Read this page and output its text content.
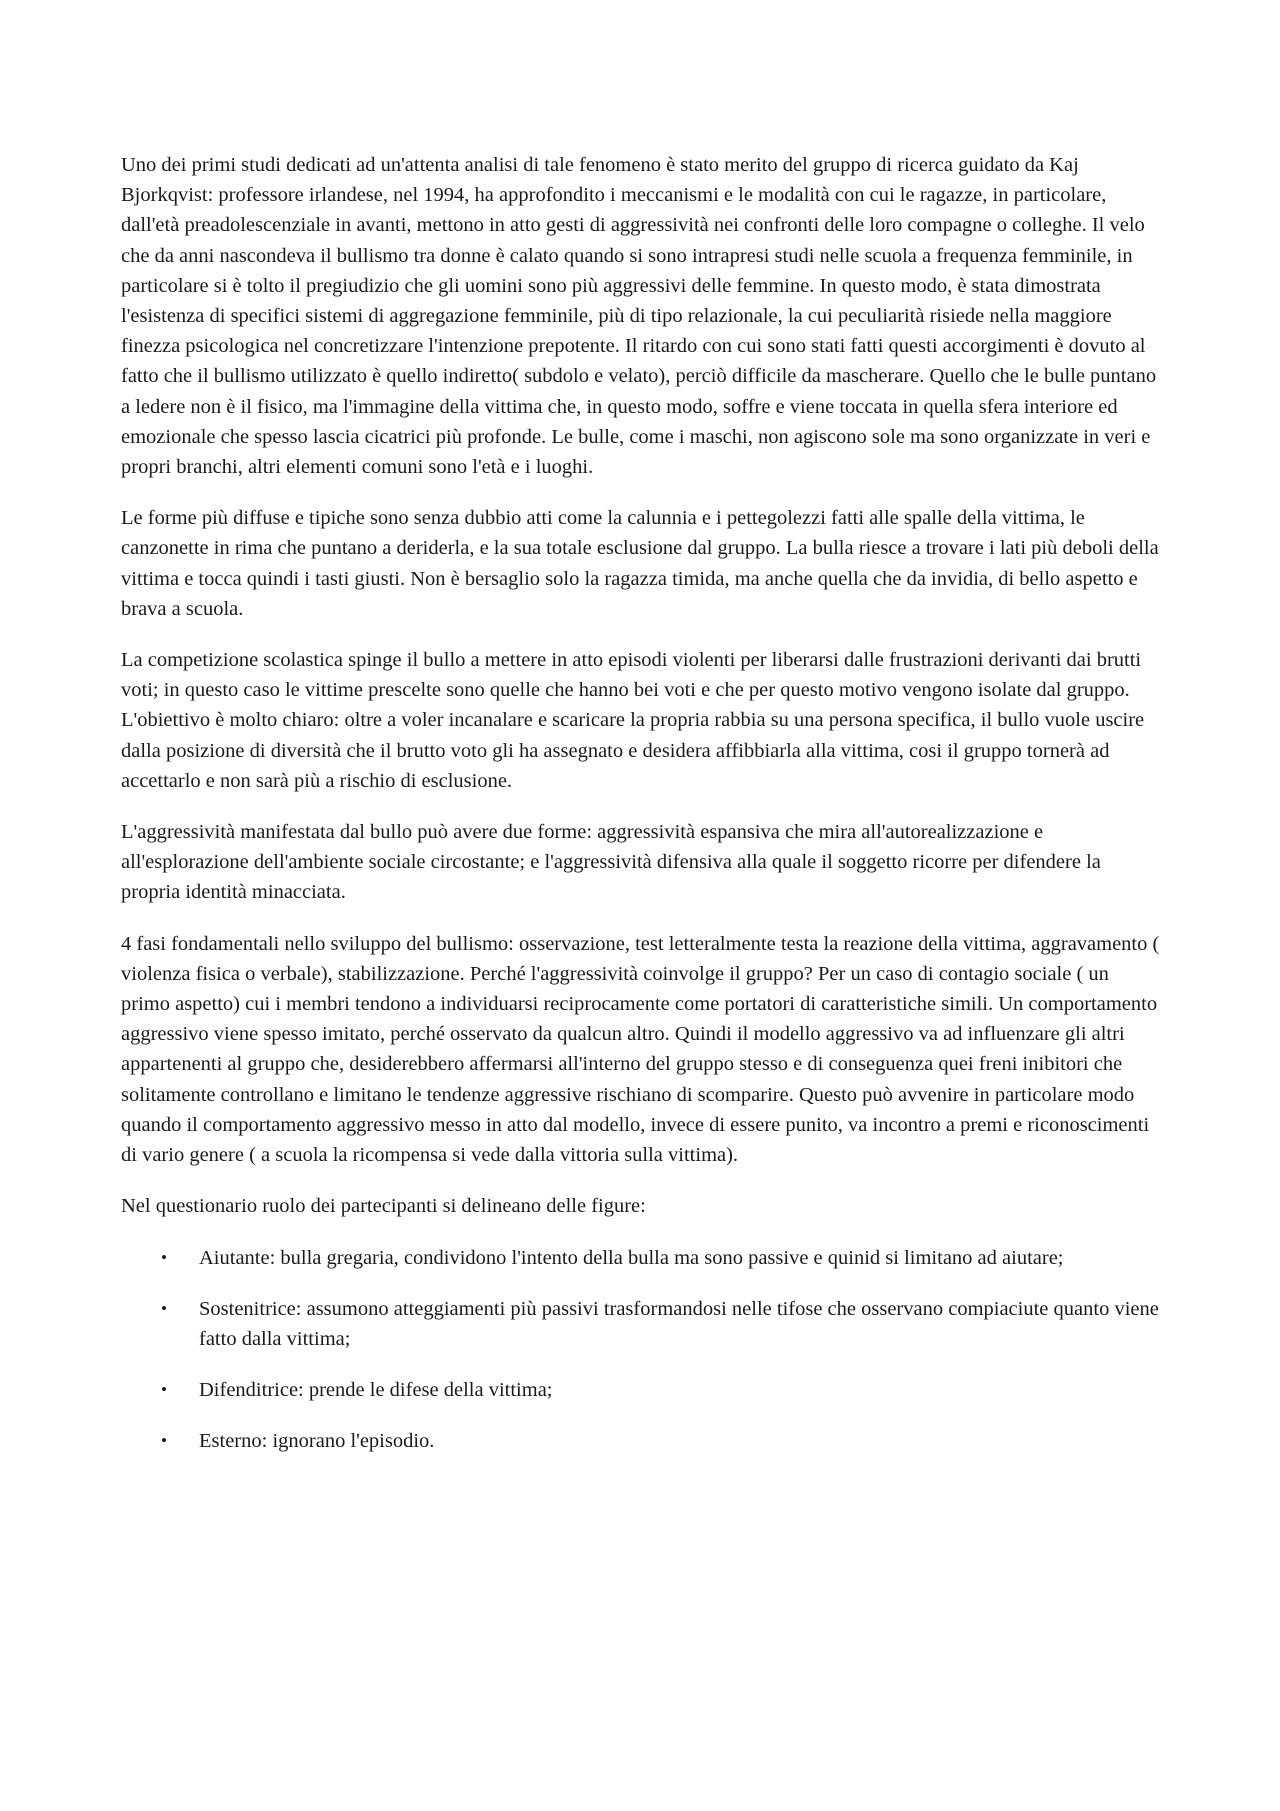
Uno dei primi studi dedicati ad un'attenta analisi di tale fenomeno è stato merito del gruppo di ricerca guidato da Kaj Bjorkqvist: professore irlandese, nel 1994, ha approfondito i meccanismi e le modalità con cui le ragazze, in particolare, dall'età preadolescenziale in avanti, mettono in atto gesti di aggressività nei confronti delle loro compagne o colleghe. Il velo che da anni nascondeva il bullismo tra donne è calato quando si sono intrapresi studi nelle scuola a frequenza femminile, in particolare si è tolto il pregiudizio che gli uomini sono più aggressivi delle femmine. In questo modo, è stata dimostrata l'esistenza di specifici sistemi di aggregazione femminile, più di tipo relazionale, la cui peculiarità risiede nella maggiore finezza psicologica nel concretizzare l'intenzione prepotente. Il ritardo con cui sono stati fatti questi accorgimenti è dovuto al fatto che il bullismo utilizzato è quello indiretto( subdolo e velato), perciò difficile da mascherare. Quello che le bulle puntano a ledere non è il fisico, ma l'immagine della vittima che, in questo modo, soffre e viene toccata in quella sfera interiore ed emozionale che spesso lascia cicatrici più profonde. Le bulle, come i maschi, non agiscono sole ma sono organizzate in veri e propri branchi, altri elementi comuni sono l'età e i luoghi.

Le forme più diffuse e tipiche sono senza dubbio atti come la calunnia e i pettegolezzi fatti alle spalle della vittima, le canzonette in rima che puntano a deriderla, e la sua totale esclusione dal gruppo. La bulla riesce a trovare i lati più deboli della vittima e tocca quindi i tasti giusti. Non è bersaglio solo la ragazza timida, ma anche quella che da invidia, di bello aspetto e brava a scuola.

La competizione scolastica spinge il bullo a mettere in atto episodi violenti per liberarsi dalle frustrazioni derivanti dai brutti voti; in questo caso le vittime prescelte sono quelle che hanno bei voti e che per questo motivo vengono isolate dal gruppo. L'obiettivo è molto chiaro: oltre a voler incanalare e scaricare la propria rabbia su una persona specifica, il bullo vuole uscire dalla posizione di diversità che il brutto voto gli ha assegnato e desidera affibbiarla alla vittima, cosi il gruppo tornerà ad accettarlo e non sarà più a rischio di esclusione.

L'aggressività manifestata dal bullo può avere due forme: aggressività espansiva che mira all'autorealizzazione e all'esplorazione dell'ambiente sociale circostante; e l'aggressività difensiva alla quale il soggetto ricorre per difendere la propria identità minacciata.

4 fasi fondamentali nello sviluppo del bullismo: osservazione, test letteralmente testa la reazione della vittima, aggravamento ( violenza fisica o verbale), stabilizzazione. Perché l'aggressività coinvolge il gruppo? Per un caso di contagio sociale ( un primo aspetto) cui i membri tendono a individuarsi reciprocamente come portatori di caratteristiche simili. Un comportamento aggressivo viene spesso imitato, perché osservato da qualcun altro. Quindi il modello aggressivo va ad influenzare gli altri appartenenti al gruppo che, desiderebbero affermarsi all'interno del gruppo stesso e di conseguenza quei freni inibitori che solitamente controllano e limitano le tendenze aggressive rischiano di scomparire. Questo può avvenire in particolare modo quando il comportamento aggressivo messo in atto dal modello, invece di essere punito, va incontro a premi e riconoscimenti di vario genere ( a scuola la ricompensa si vede dalla vittoria sulla vittima).

Nel questionario ruolo dei partecipanti si delineano delle figure:

•	Aiutante: bulla gregaria, condividono l'intento della bulla ma sono passive e quinid si limitano ad aiutare;
•	Sostenitrice: assumono atteggiamenti più passivi trasformandosi nelle tifose che osservano compiaciute quanto viene fatto dalla vittima;
•	Difenditrice: prende le difese della vittima;
•	Esterno: ignorano l'episodio.
